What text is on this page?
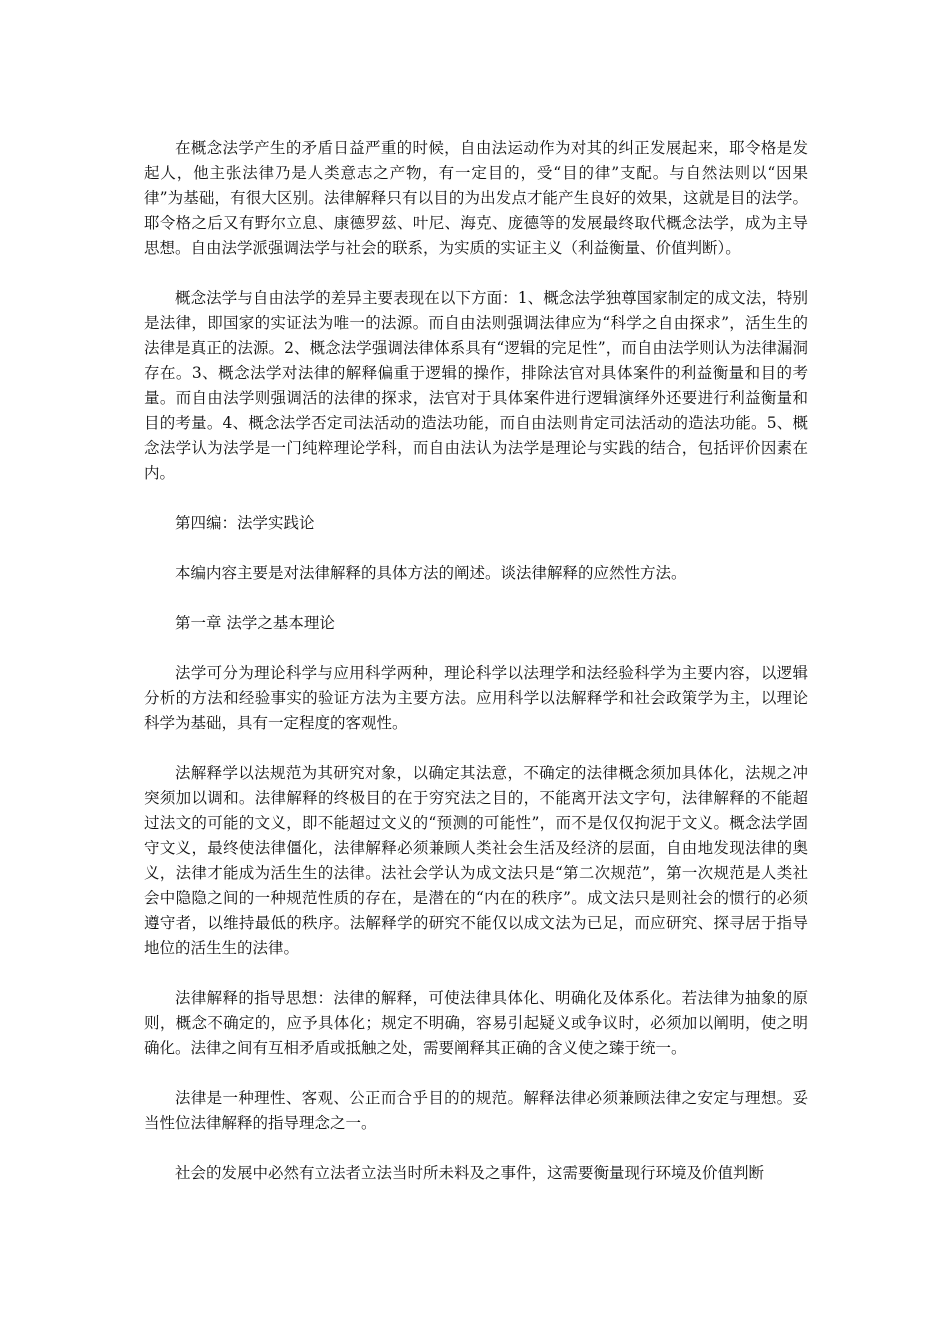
在概念法学产生的矛盾日益严重的时候，自由法运动作为对其的纠正发展起来，耶令格是发起人，他主张法律乃是人类意志之产物，有一定目的，受“目的律”支配。与自然法则以“因果律”为基础，有很大区别。法律解释只有以目的为出发点才能产生良好的效果，这就是目的法学。耶令格之后又有野尔立息、康德罗兹、叶尼、海克、庞德等的发展最终取代概念法学，成为主导思想。自由法学派强调法学与社会的联系，为实质的实证主义（利益衡量、价值判断）。

概念法学与自由法学的差异主要表现在以下方面：1、概念法学独尊国家制定的成文法，特别是法律，即国家的实证法为唯一的法源。而自由法则强调法律应为“科学之自由探求”，活生生的法律是真正的法源。2、概念法学强调法律体系具有“逻辑的完足性”，而自由法学则认为法律漏洞存在。3、概念法学对法律的解释偏重于逻辑的操作，排除法官对具体案件的利益衡量和目的考量。而自由法学则强调活的法律的探求，法官对于具体案件进行逻辑演绎外还要进行利益衡量和目的考量。4、概念法学否定司法活动的造法功能，而自由法则肯定司法活动的造法功能。5、概念法学认为法学是一门纯粹理论学科，而自由法认为法学是理论与实践的结合，包括评价因素在内。

第四编：法学实践论

本编内容主要是对法律解释的具体方法的阐述。谈法律解释的应然性方法。

第一章 法学之基本理论

法学可分为理论科学与应用科学两种，理论科学以法理学和法经验科学为主要内容，以逻辑分析的方法和经验事实的验证方法为主要方法。应用科学以法解释学和社会政策学为主，以理论科学为基础，具有一定程度的客观性。

法解释学以法规范为其研究对象，以确定其法意，不确定的法律概念须加具体化，法规之冲突须加以调和。法律解释的终极目的在于穷究法之目的，不能离开法文字句，法律解释的不能超过法文的可能的文义，即不能超过文义的“预测的可能性”，而不是仅仅拘泥于文义。概念法学固守文义，最终使法律僵化，法律解释必须兼顾人类社会生活及经济的层面，自由地发现法律的奥义，法律才能成为活生生的法律。法社会学认为成文法只是“第二次规范”，第一次规范是人类社会中隐隐之间的一种规范性质的存在，是潜在的“内在的秩序”。成文法只是则社会的惯行的必须遵守者，以维持最低的秩序。法解释学的研究不能仅以成文法为已足，而应研究、探寻居于指导地位的活生生的法律。

法律解释的指导思想：法律的解释，可使法律具体化、明确化及体系化。若法律为抽象的原则，概念不确定的，应予具体化；规定不明确，容易引起疑义或争议时，必须加以阐明，使之明确化。法律之间有互相矛盾或抵触之处，需要阐释其正确的含义使之臻于统一。

法律是一种理性、客观、公正而合乎目的的规范。解释法律必须兼顾法律之安定与理想。妥当性位法律解释的指导理念之一。

社会的发展中必然有立法者立法当时所未料及之事件，这需要衡量现行环境及价值判断
